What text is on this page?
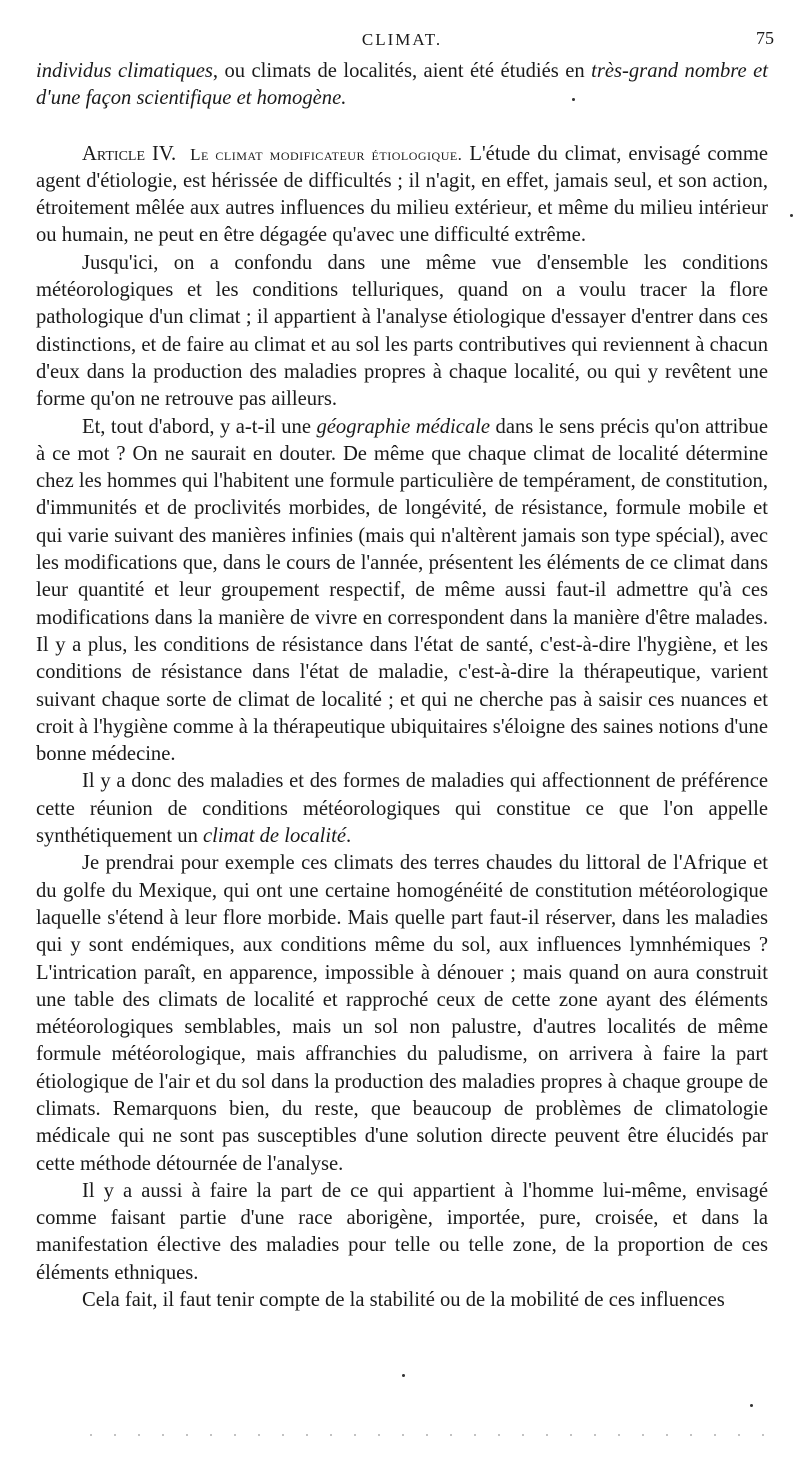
CLIMAT.	75

individus climatiques, ou climats de localités, aient été étudiés en très-grand nombre et d'une façon scientifique et homogène.

Article IV. Le climat modificateur étiologique. L'étude du climat, envisagé comme agent d'étiologie, est hérissée de difficultés ; il n'agit, en effet, jamais seul, et son action, étroitement mêlée aux autres influences du milieu extérieur, et même du milieu intérieur ou humain, ne peut en être dégagée qu'avec une difficulté extrême.

Jusqu'ici, on a confondu dans une même vue d'ensemble les conditions météorologiques et les conditions telluriques, quand on a voulu tracer la flore pathologique d'un climat ; il appartient à l'analyse étiologique d'essayer d'entrer dans ces distinctions, et de faire au climat et au sol les parts contributives qui reviennent à chacun d'eux dans la production des maladies propres à chaque localité, ou qui y revêtent une forme qu'on ne retrouve pas ailleurs.

Et, tout d'abord, y a-t-il une géographie médicale dans le sens précis qu'on attribue à ce mot ? On ne saurait en douter. De même que chaque climat de localité détermine chez les hommes qui l'habitent une formule particulière de tempérament, de constitution, d'immunités et de proclivités morbides, de longévité, de résistance, formule mobile et qui varie suivant des manières infinies (mais qui n'altèrent jamais son type spécial), avec les modifications que, dans le cours de l'année, présentent les éléments de ce climat dans leur quantité et leur groupement respectif, de même aussi faut-il admettre qu'à ces modifications dans la manière de vivre en correspondent dans la manière d'être malades. Il y a plus, les conditions de résistance dans l'état de santé, c'est-à-dire l'hygiène, et les conditions de résistance dans l'état de maladie, c'est-à-dire la thérapeutique, varient suivant chaque sorte de climat de localité ; et qui ne cherche pas à saisir ces nuances et croit à l'hygiène comme à la thérapeutique ubiquitaires s'éloigne des saines notions d'une bonne médecine.

Il y a donc des maladies et des formes de maladies qui affectionnent de préférence cette réunion de conditions météorologiques qui constitue ce que l'on appelle synthétiquement un climat de localité.

Je prendrai pour exemple ces climats des terres chaudes du littoral de l'Afrique et du golfe du Mexique, qui ont une certaine homogénéité de constitution météorologique laquelle s'étend à leur flore morbide. Mais quelle part faut-il réserver, dans les maladies qui y sont endémiques, aux conditions même du sol, aux influences lymnhémiques ? L'intrication paraît, en apparence, impossible à dénouer ; mais quand on aura construit une table des climats de localité et rapproché ceux de cette zone ayant des éléments météorologiques semblables, mais un sol non palustre, d'autres localités de même formule météorologique, mais affranchies du paludisme, on arrivera à faire la part étiologique de l'air et du sol dans la production des maladies propres à chaque groupe de climats. Remarquons bien, du reste, que beaucoup de problèmes de climatologie médicale qui ne sont pas susceptibles d'une solution directe peuvent être élucidés par cette méthode détournée de l'analyse.

Il y a aussi à faire la part de ce qui appartient à l'homme lui-même, envisagé comme faisant partie d'une race aborigène, importée, pure, croisée, et dans la manifestation élective des maladies pour telle ou telle zone, de la proportion de ces éléments ethniques.

Cela fait, il faut tenir compte de la stabilité ou de la mobilité de ces influences
